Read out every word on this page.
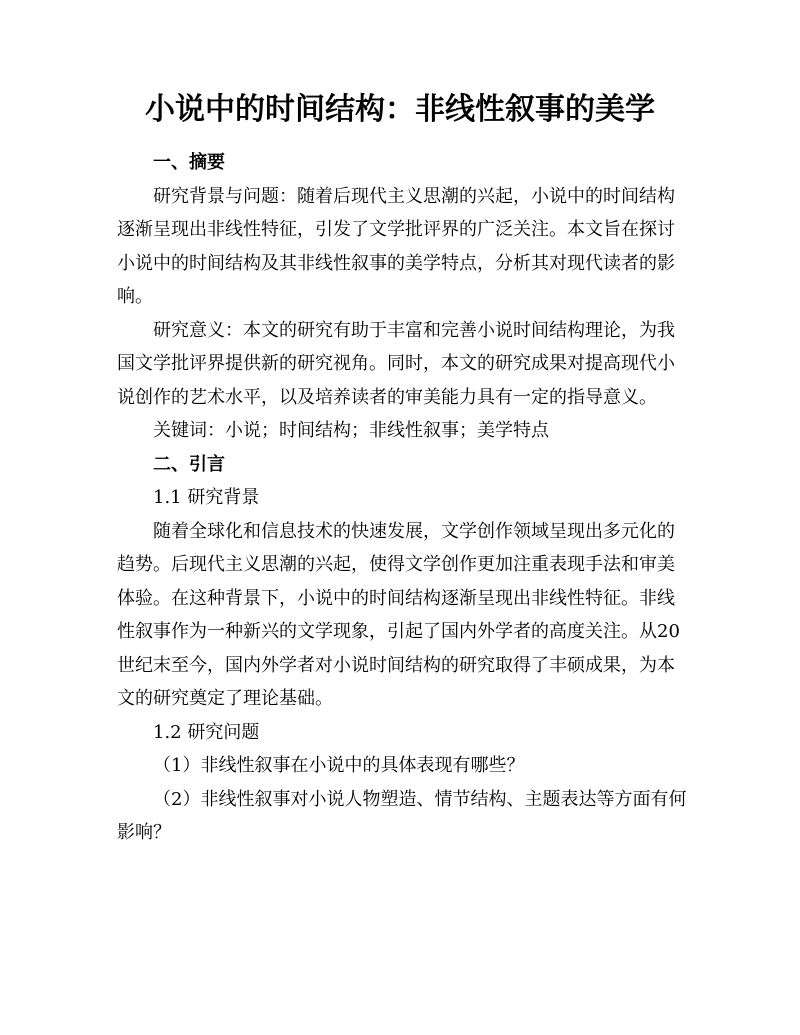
小说中的时间结构：非线性叙事的美学
一、摘要

研究背景与问题：随着后现代主义思潮的兴起，小说中的时间结构逐渐呈现出非线性特征，引发了文学批评界的广泛关注。本文旨在探讨小说中的时间结构及其非线性叙事的美学特点，分析其对现代读者的影响。

研究意义：本文的研究有助于丰富和完善小说时间结构理论，为我国文学批评界提供新的研究视角。同时，本文的研究成果对提高现代小说创作的艺术水平，以及培养读者的审美能力具有一定的指导意义。

关键词：小说；时间结构；非线性叙事；美学特点

二、引言

1.1 研究背景

随着全球化和信息技术的快速发展，文学创作领域呈现出多元化的趋势。后现代主义思潮的兴起，使得文学创作更加注重表现手法和审美体验。在这种背景下，小说中的时间结构逐渐呈现出非线性特征。非线性叙事作为一种新兴的文学现象，引起了国内外学者的高度关注。从20世纪末至今，国内外学者对小说时间结构的研究取得了丰硕成果，为本文的研究奠定了理论基础。

1.2 研究问题

（1）非线性叙事在小说中的具体表现有哪些？

（2）非线性叙事对小说人物塑造、情节结构、主题表达等方面有何影响？
